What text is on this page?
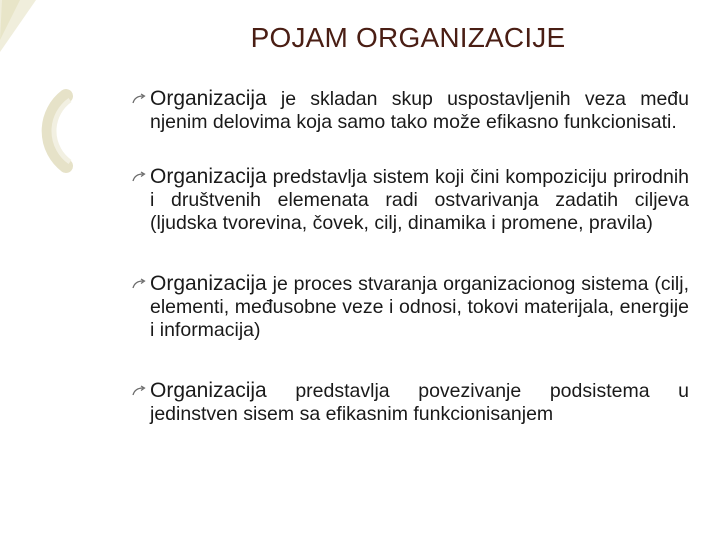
POJAM ORGANIZACIJE
Organizacija je skladan skup uspostavljenih veza među njenim delovima koja samo tako može efikasno funkcionisati.
Organizacija predstavlja sistem koji čini kompoziciju prirodnih i društvenih elemenata radi ostvarivanja zadatih ciljeva (ljudska tvorevina, čovek, cilj, dinamika i promene, pravila)
Organizacija je proces stvaranja organizacionog sistema (cilj, elementi, međusobne veze i odnosi, tokovi materijala, energije i informacija)
Organizacija predstavlja povezivanje podsistema u jedinstven sisem sa efikasnim funkcionisanjem
